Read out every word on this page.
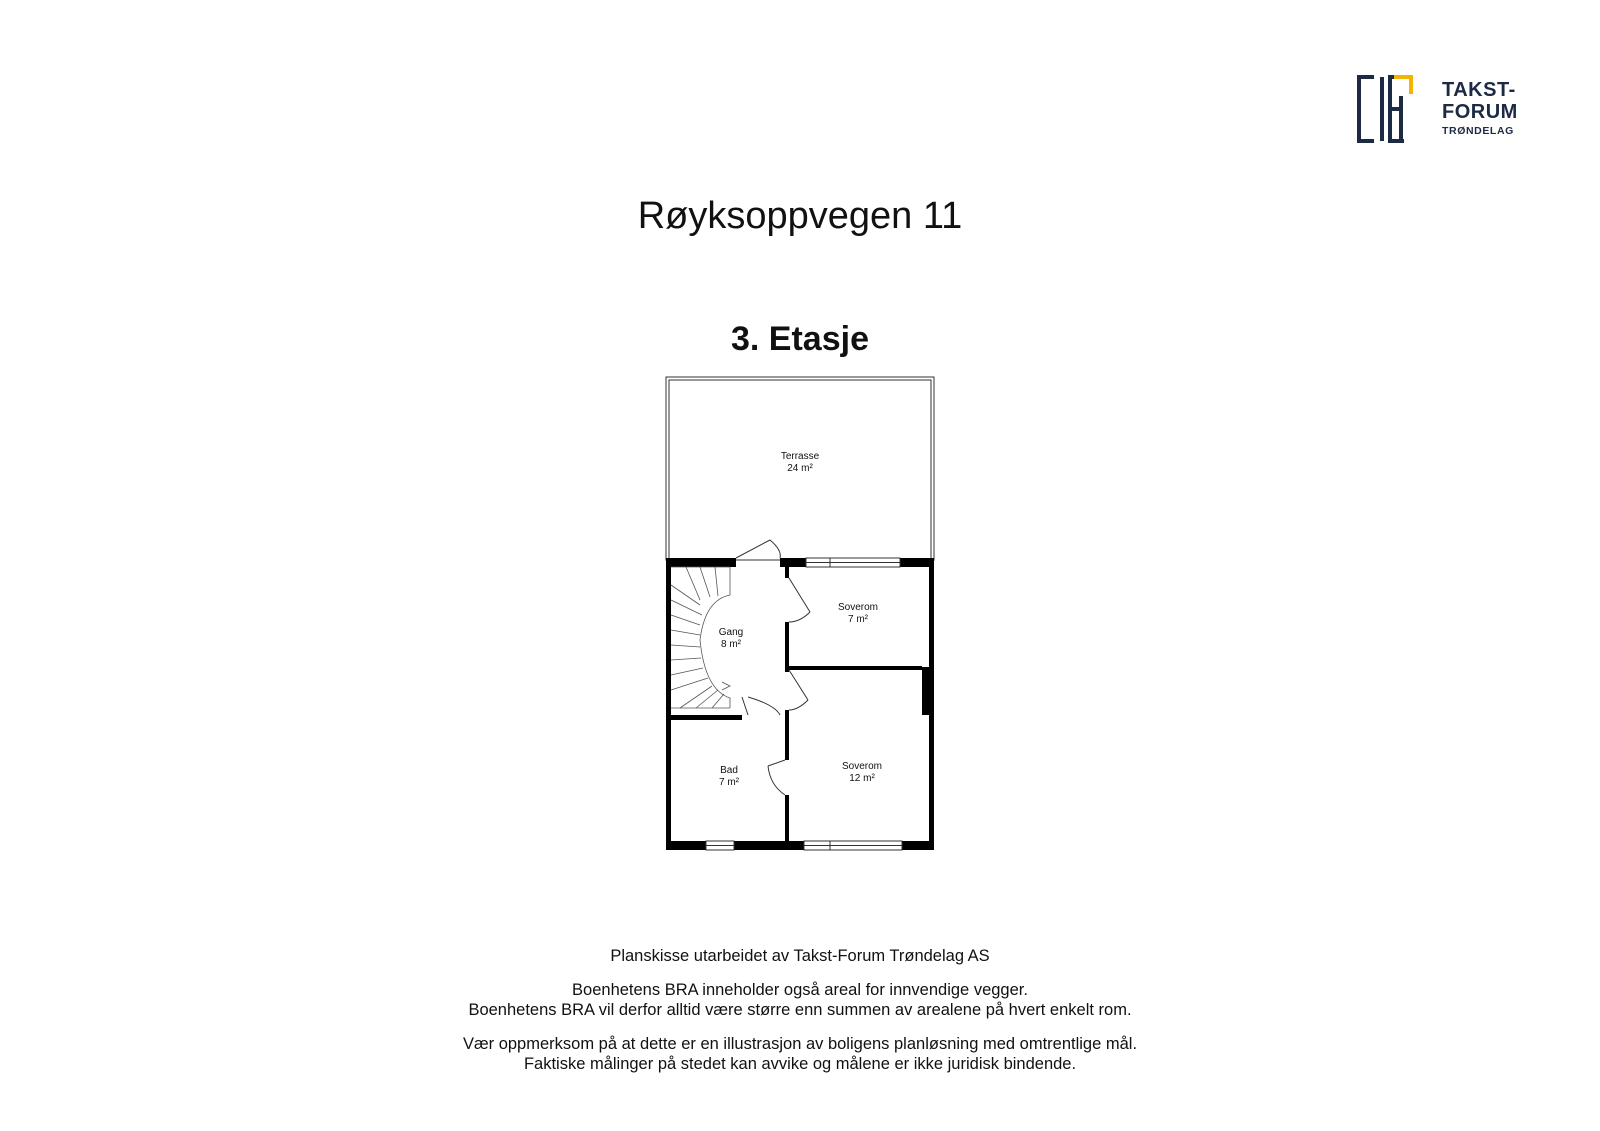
TAKST-
FORUM
TRØNDELAG
Røyksoppvegen 11
3. Etasje
Terrasse
24 m²
Soverom
7 m²
Gang
8 m²
Bad
7 m²
Soverom
12 m²

Planskisse utarbeidet av Takst-Forum Trøndelag AS

Boenhetens BRA inneholder også areal for innvendige vegger.

Boenhetens BRA vil derfor alltid være større enn summen av arealene på hvert enkelt rom.

Vær oppmerksom på at dette er en illustrasjon av boligens planløsning med omtrentlige mål.

Faktiske målinger på stedet kan avvike og målene er ikke juridisk bindende.
